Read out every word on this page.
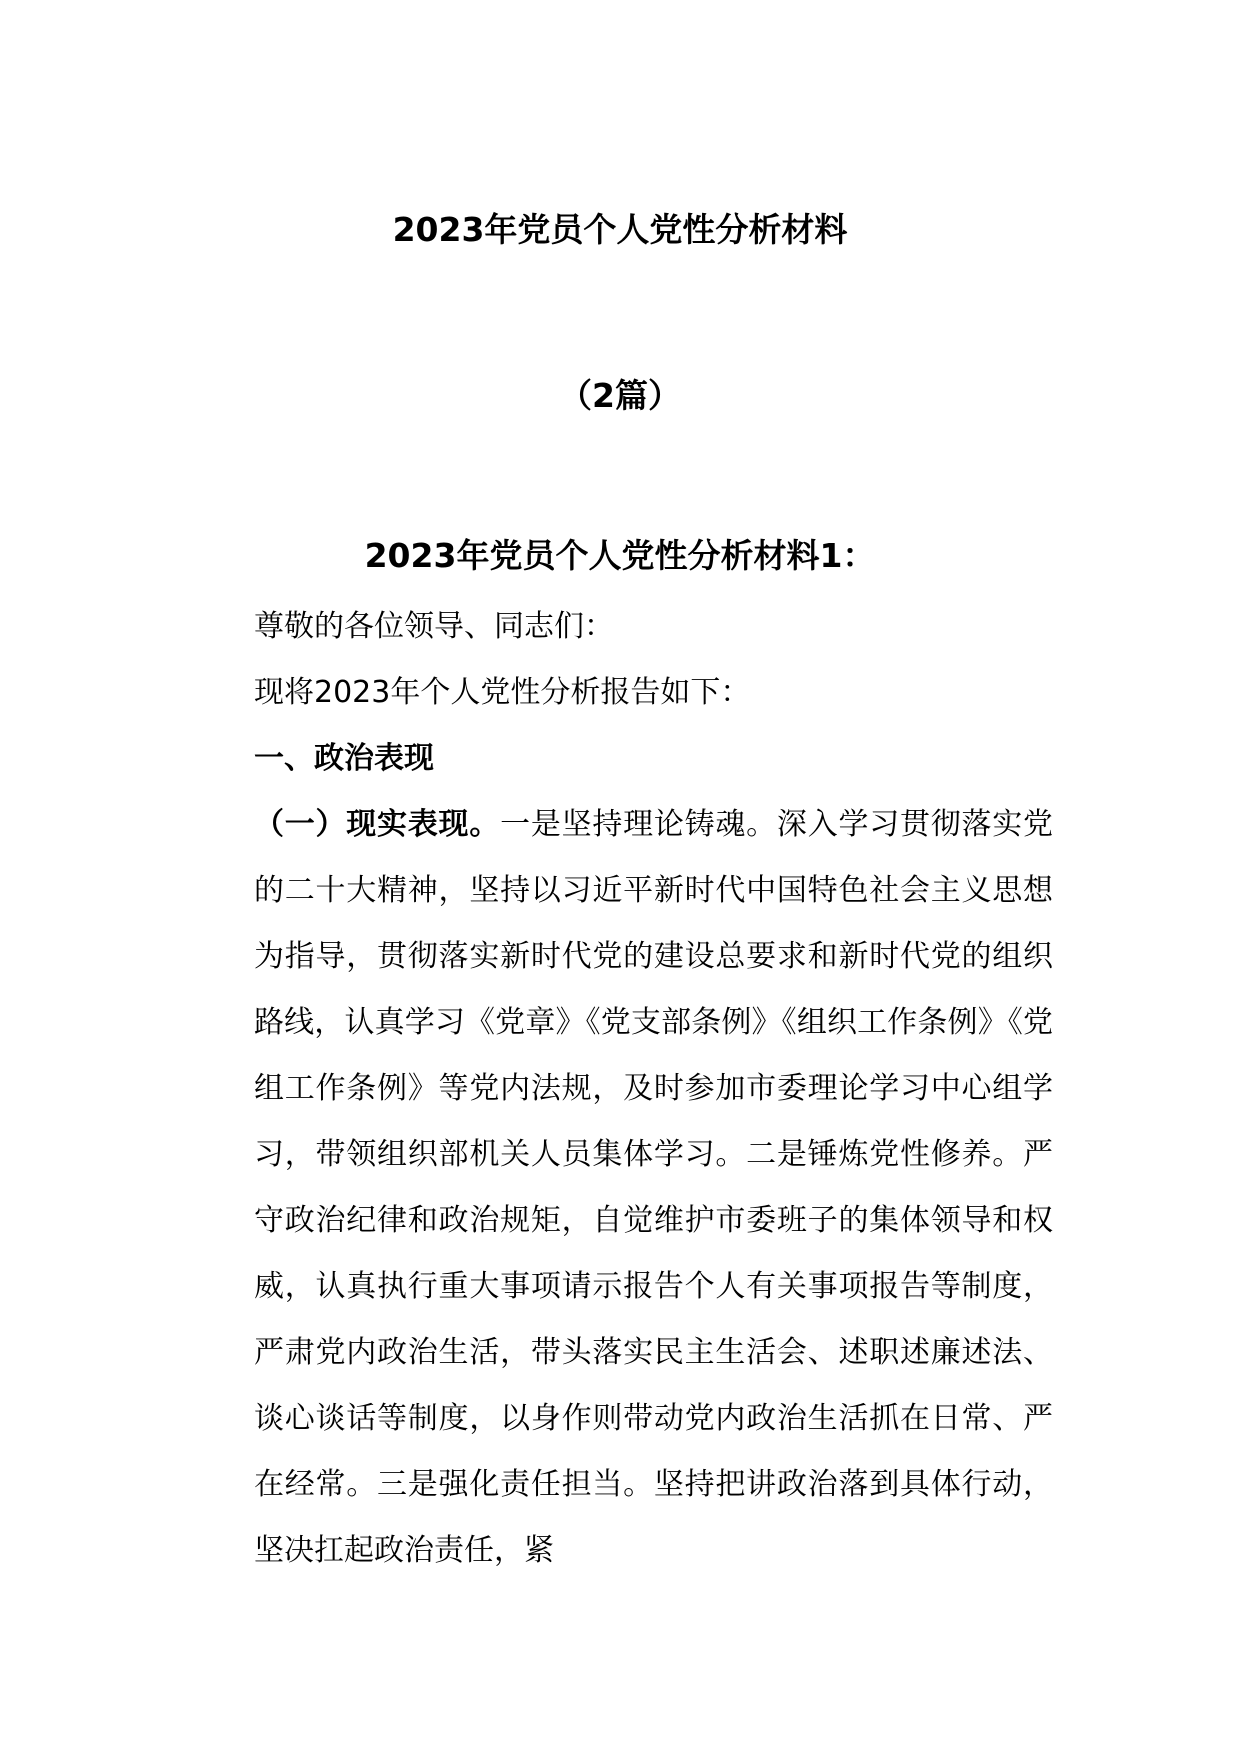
2023年党员个人党性分析材料
（2篇）
2023年党员个人党性分析材料1：
尊敬的各位领导、同志们：
现将2023年个人党性分析报告如下：
一、政治表现
（一）现实表现。一是坚持理论铸魂。深入学习贯彻落实党的二十大精神，坚持以习近平新时代中国特色社会主义思想为指导，贯彻落实新时代党的建设总要求和新时代党的组织路线，认真学习《党章》《党支部条例》《组织工作条例》《党组工作条例》等党内法规，及时参加市委理论学习中心组学习，带领组织部机关人员集体学习。二是锤炼党性修养。严守政治纪律和政治规矩，自觉维护市委班子的集体领导和权威，认真执行重大事项请示报告个人有关事项报告等制度，严肃党内政治生活，带头落实民主生活会、述职述廉述法、谈心谈话等制度，以身作则带动党内政治生活抓在日常、严在经常。三是强化责任担当。坚持把讲政治落到具体行动，坚决扛起政治责任，紧
